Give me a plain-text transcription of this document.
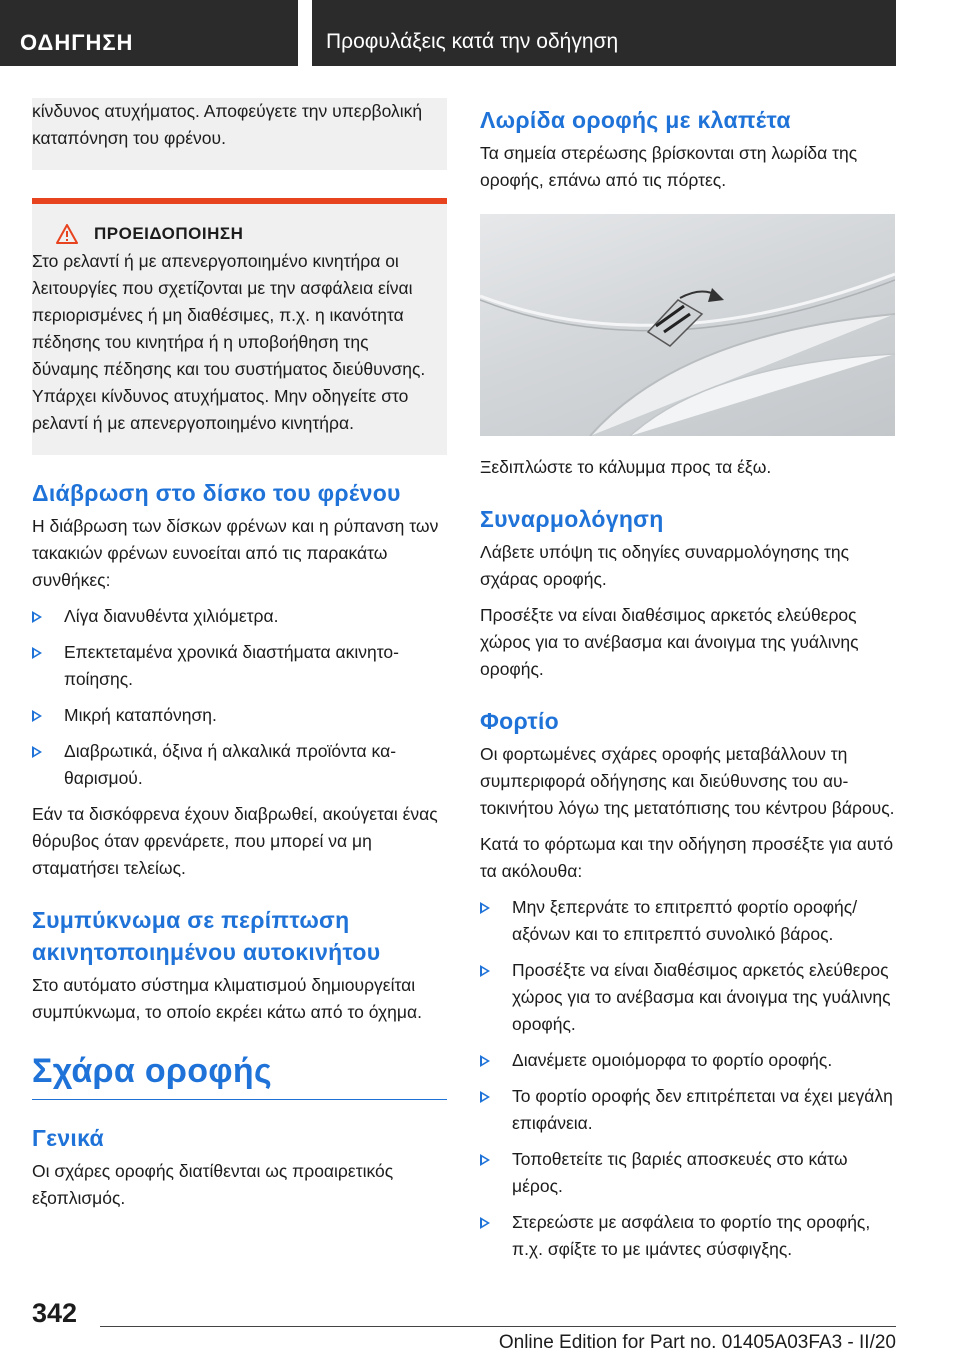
ΟΔΗΓΗΣΗ	Προφυλάξεις κατά την οδήγηση

κίνδυνος ατυχήματος. Αποφεύγετε την υπερβολική καταπόνηση του φρένου.

ΠΡΟΕΙΔΟΠΟΙΗΣΗ

Στο ρελαντί ή με απενεργοποιημένο κινητήρα οι λειτουργίες που σχετίζονται με την ασφάλεια είναι περιορισμένες ή μη διαθέσιμες, π.χ. η ικανότητα πέδησης του κινητήρα ή η υποβοήθηση της δύναμης πέδησης και του συστήματος διεύθυνσης. Υπάρχει κίνδυνος ατυχήματος. Μην οδηγείτε στο ρελαντί ή με απενεργοποιημένο κινητήρα.

Διάβρωση στο δίσκο του φρένου

Η διάβρωση των δίσκων φρένων και η ρύπανση των τακακιών φρένων ευνοείται από τις παρακάτω συνθήκες:

Λίγα διανυθέντα χιλιόμετρα.
Επεκτεταμένα χρονικά διαστήματα ακινητοποίησης.
Μικρή καταπόνηση.
Διαβρωτικά, όξινα ή αλκαλικά προϊόντα καθαρισμού.

Εάν τα δισκόφρενα έχουν διαβρωθεί, ακούγεται ένας θόρυβος όταν φρενάρετε, που μπορεί να μη σταματήσει τελείως.

Συμπύκνωμα σε περίπτωση ακινητοποιημένου αυτοκινήτου

Στο αυτόματο σύστημα κλιματισμού δημιουργείται συμπύκνωμα, το οποίο εκρέει κάτω από το όχημα.

Σχάρα οροφής
Γενικά

Οι σχάρες οροφής διατίθενται ως προαιρετικός εξοπλισμός.

Λωρίδα οροφής με κλαπέτα

Τα σημεία στερέωσης βρίσκονται στη λωρίδα της οροφής, επάνω από τις πόρτες.

Ξεδιπλώστε το κάλυμμα προς τα έξω.

Συναρμολόγηση

Λάβετε υπόψη τις οδηγίες συναρμολόγησης της σχάρας οροφής.

Προσέξτε να είναι διαθέσιμος αρκετός ελεύθερος χώρος για το ανέβασμα και άνοιγμα της γυάλινης οροφής.

Φορτίο

Οι φορτωμένες σχάρες οροφής μεταβάλλουν τη συμπεριφορά οδήγησης και διεύθυνσης του αυτοκινήτου λόγω της μετατόπισης του κέντρου βάρους.

Κατά το φόρτωμα και την οδήγηση προσέξτε για αυτό τα ακόλουθα:

Μην ξεπερνάτε το επιτρεπτό φορτίο οροφής/ αξόνων και το επιτρεπτό συνολικό βάρος.
Προσέξτε να είναι διαθέσιμος αρκετός ελεύθερος χώρος για το ανέβασμα και άνοιγμα της γυάλινης οροφής.
Διανέμετε ομοιόμορφα το φορτίο οροφής.
Το φορτίο οροφής δεν επιτρέπεται να έχει μεγάλη επιφάνεια.
Τοποθετείτε τις βαριές αποσκευές στο κάτω μέρος.
Στερεώστε με ασφάλεια το φορτίο της οροφής, π.χ. σφίξτε το με ιμάντες σύσφιγξης.
342
Online Edition for Part no. 01405A03FA3 - II/20
